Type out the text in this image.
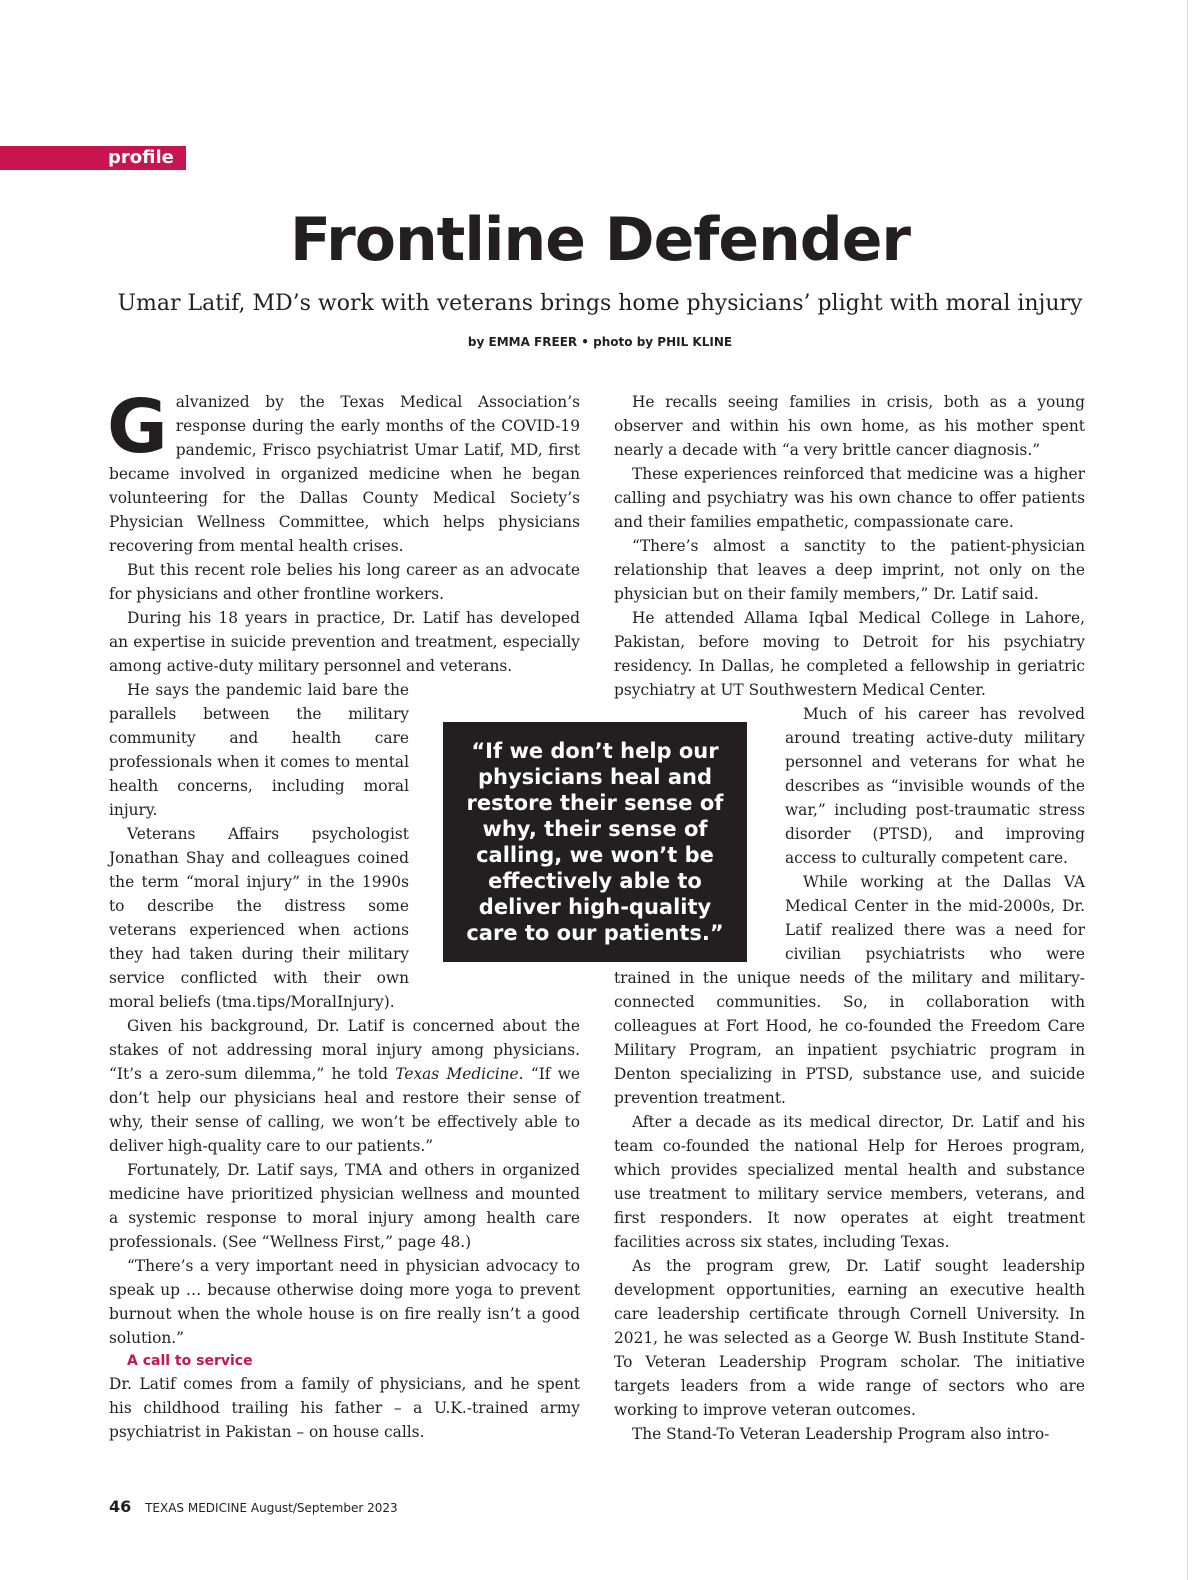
profile
Frontline Defender
Umar Latif, MD’s work with veterans brings home physicians’ plight with moral injury
by EMMA FREER • photo by PHIL KLINE

Galvanized by the Texas Medical Association’s response during the early months of the COVID-19 pandemic, Frisco psychiatrist Umar Latif, MD, first became involved in organized medicine when he began volunteering for the Dallas County Medical Society’s Physician Wellness Committee, which helps physicians recovering from mental health crises.

But this recent role belies his long career as an advocate for physicians and other frontline workers.

During his 18 years in practice, Dr. Latif has developed an expertise in suicide prevention and treatment, especially among active-duty military personnel and veterans.

He says the pandemic laid bare the parallels between the military community and health care professionals when it comes to mental health concerns, including moral injury.

Veterans Affairs psychologist Jonathan Shay and colleagues coined the term “moral injury” in the 1990s to describe the distress some veterans experienced when actions they had taken during their military service conflicted with their own moral beliefs (tma.tips/MoralInjury).

Given his background, Dr. Latif is concerned about the stakes of not addressing moral injury among physicians. “It’s a zero-sum dilemma,” he told Texas Medicine. “If we don’t help our physicians heal and restore their sense of why, their sense of calling, we won’t be effectively able to deliver high-quality care to our patients.”

Fortunately, Dr. Latif says, TMA and others in organized medicine have prioritized physician wellness and mounted a systemic response to moral injury among health care professionals. (See “Wellness First,” page 48.)

“There’s a very important need in physician advocacy to speak up … because otherwise doing more yoga to prevent burnout when the whole house is on fire really isn’t a good solution.”

A call to service

Dr. Latif comes from a family of physicians, and he spent his childhood trailing his father – a U.K.-trained army psychiatrist in Pakistan – on house calls.

He recalls seeing families in crisis, both as a young observer and within his own home, as his mother spent nearly a decade with “a very brittle cancer diagnosis.”

These experiences reinforced that medicine was a higher calling and psychiatry was his own chance to offer patients and their families empathetic, compassionate care.

“There’s almost a sanctity to the patient-physician relationship that leaves a deep imprint, not only on the physician but on their family members,” Dr. Latif said.

He attended Allama Iqbal Medical College in Lahore, Pakistan, before moving to Detroit for his psychiatry residency. In Dallas, he completed a fellowship in geriatric psychiatry at UT Southwestern Medical Center.

Much of his career has revolved around treating active-duty military personnel and veterans for what he describes as “invisible wounds of the war,” including post-traumatic stress disorder (PTSD), and improving access to culturally competent care.

While working at the Dallas VA Medical Center in the mid-2000s, Dr. Latif realized there was a need for civilian psychiatrists who were trained in the unique needs of the military and military-connected communities. So, in collaboration with colleagues at Fort Hood, he co-founded the Freedom Care Military Program, an inpatient psychiatric program in Denton specializing in PTSD, substance use, and suicide prevention treatment.

After a decade as its medical director, Dr. Latif and his team co-founded the national Help for Heroes program, which provides specialized mental health and substance use treatment to military service members, veterans, and first responders. It now operates at eight treatment facilities across six states, including Texas.

As the program grew, Dr. Latif sought leadership development opportunities, earning an executive health care leadership certificate through Cornell University. In 2021, he was selected as a George W. Bush Institute Stand-To Veteran Leadership Program scholar. The initiative targets leaders from a wide range of sectors who are working to improve veteran outcomes.

The Stand-To Veteran Leadership Program also intro-

“If we don’t help our physicians heal and restore their sense of why, their sense of calling, we won’t be effectively able to deliver high-quality care to our patients.”
46 TEXAS MEDICINE August/September 2023
